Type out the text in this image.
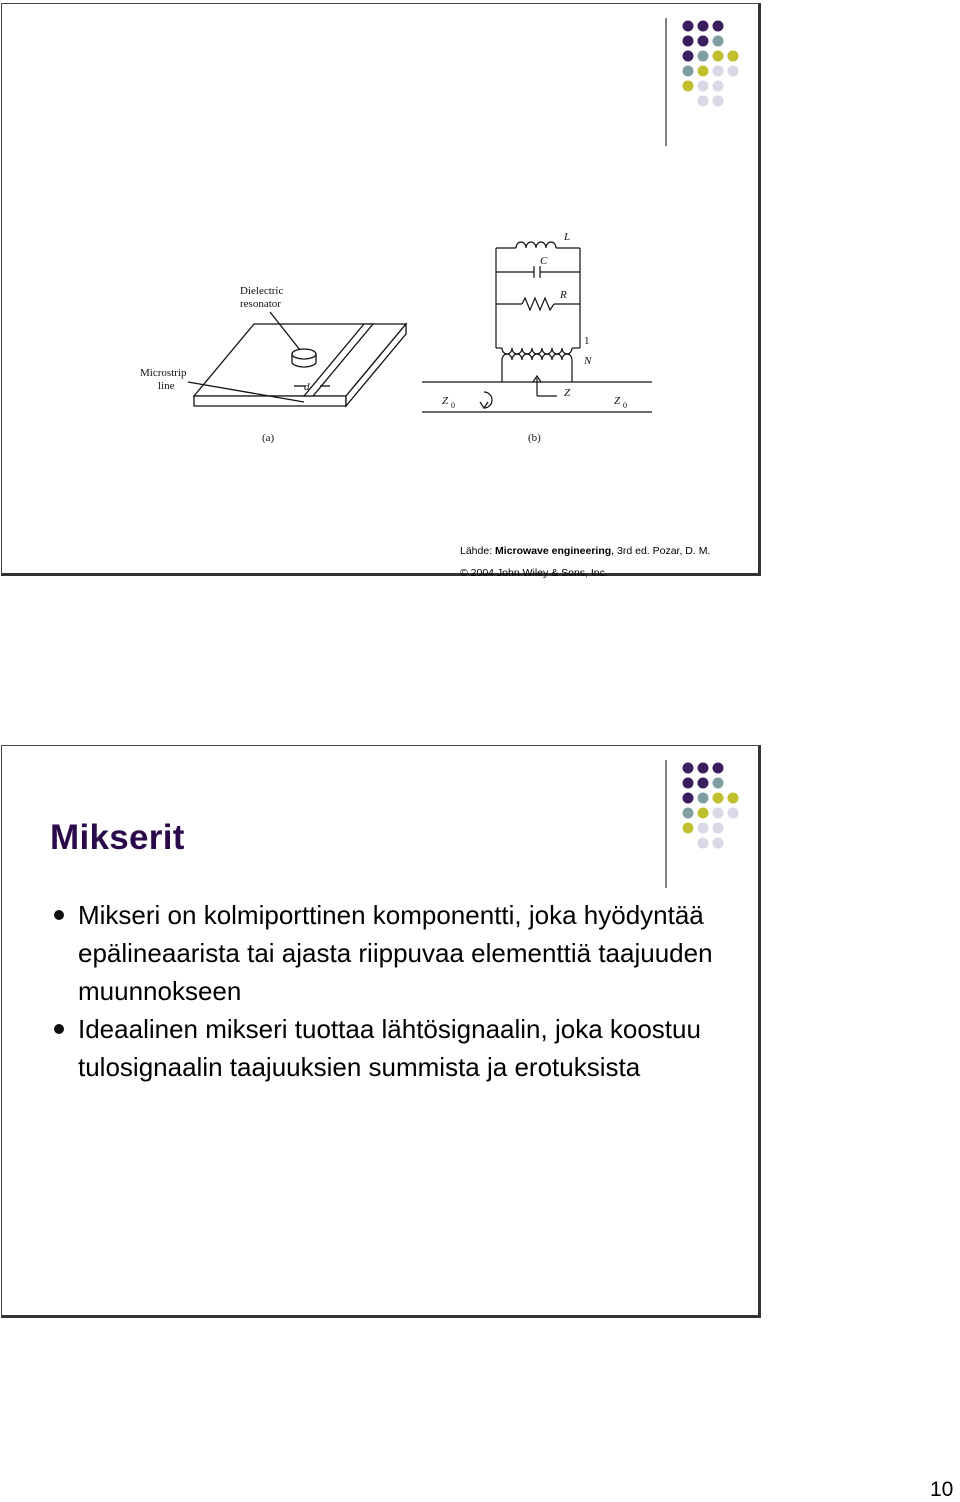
Dielectric
resonator
Microstrip
line	d
(a)
L
C
R
1
N
Z
Z 0	Z 0
(b)
Lähde: Microwave engineering, 3rd ed. Pozar, D. M.
© 2004 John Wiley & Sons, Inc.
Mikserit
Mikseri on kolmiporttinen komponentti, joka hyödyntää epälineaarista tai ajasta riippuvaa elementtiä taajuuden muunnokseen
Ideaalinen mikseri tuottaa lähtösignaalin, joka koostuu tulosignaalin taajuuksien summista ja erotuksista
10
